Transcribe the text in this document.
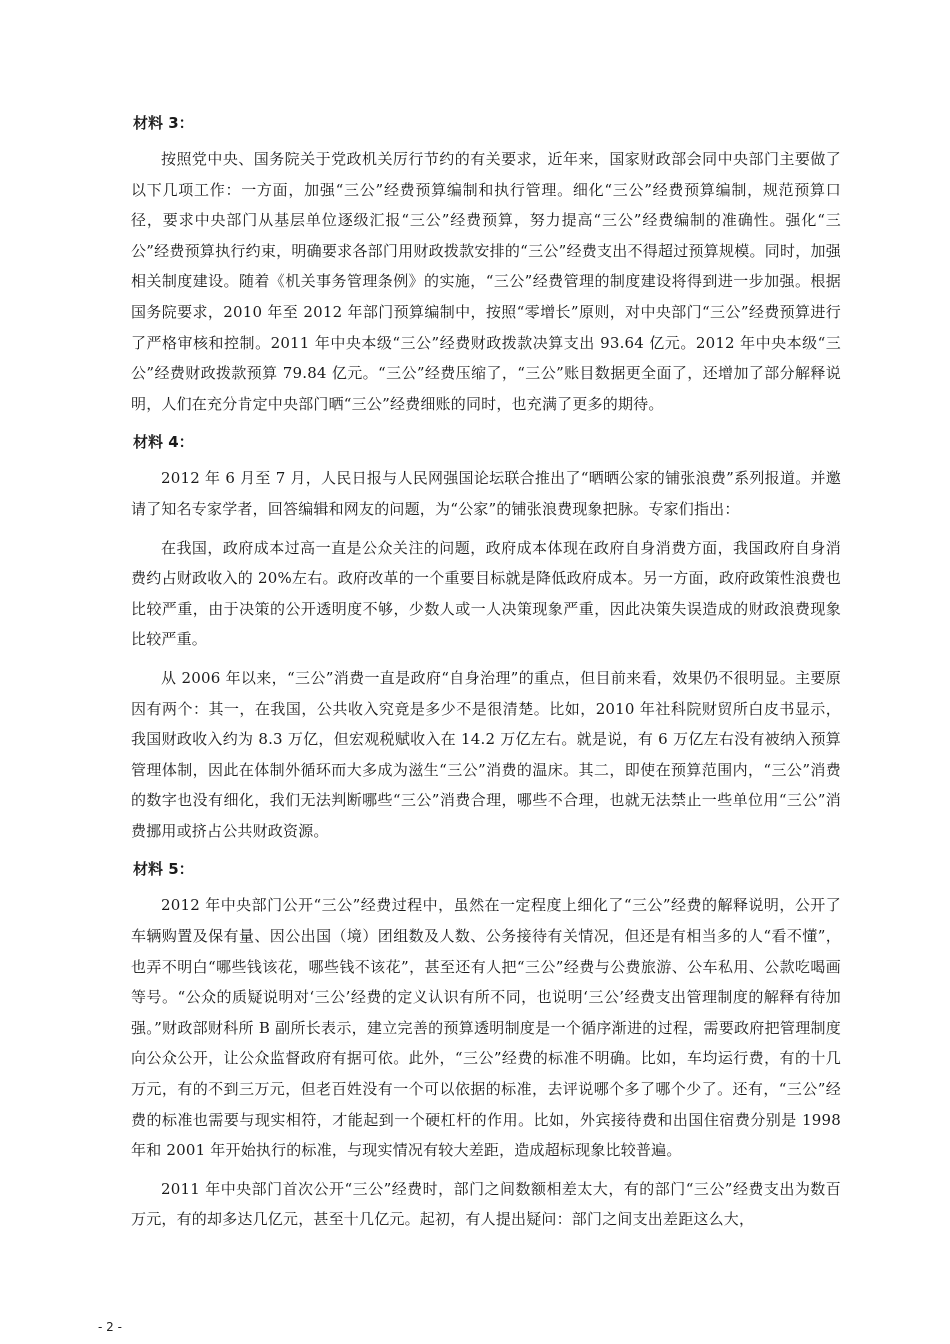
材料 3：

按照党中央、国务院关于党政机关厉行节约的有关要求，近年来，国家财政部会同中央部门主要做了以下几项工作：一方面，加强“三公”经费预算编制和执行管理。细化“三公”经费预算编制，规范预算口径，要求中央部门从基层单位逐级汇报“三公”经费预算，努力提高“三公”经费编制的准确性。强化“三公”经费预算执行约束，明确要求各部门用财政拨款安排的“三公”经费支出不得超过预算规模。同时，加强相关制度建设。随着《机关事务管理条例》的实施，“三公”经费管理的制度建设将得到进一步加强。根据国务院要求，2010 年至 2012 年部门预算编制中，按照“零增长”原则，对中央部门“三公”经费预算进行了严格审核和控制。2011 年中央本级“三公”经费财政拨款决算支出 93.64 亿元。2012 年中央本级“三公”经费财政拨款预算 79.84 亿元。“三公”经费压缩了，“三公”账目数据更全面了，还增加了部分解释说明，人们在充分肯定中央部门晒“三公”经费细账的同时，也充满了更多的期待。

材料 4：

2012 年 6 月至 7 月，人民日报与人民网强国论坛联合推出了“晒晒公家的铺张浪费”系列报道。并邀请了知名专家学者，回答编辑和网友的问题，为“公家”的铺张浪费现象把脉。专家们指出：

在我国，政府成本过高一直是公众关注的问题，政府成本体现在政府自身消费方面，我国政府自身消费约占财政收入的 20%左右。政府改革的一个重要目标就是降低政府成本。另一方面，政府政策性浪费也比较严重，由于决策的公开透明度不够，少数人或一人决策现象严重，因此决策失误造成的财政浪费现象比较严重。

从 2006 年以来，“三公”消费一直是政府“自身治理”的重点，但目前来看，效果仍不很明显。主要原因有两个：其一，在我国，公共收入究竟是多少不是很清楚。比如，2010 年社科院财贸所白皮书显示，我国财政收入约为 8.3 万亿，但宏观税赋收入在 14.2 万亿左右。就是说，有 6 万亿左右没有被纳入预算管理体制，因此在体制外循环而大多成为滋生“三公”消费的温床。其二，即使在预算范围内，“三公”消费的数字也没有细化，我们无法判断哪些“三公”消费合理，哪些不合理，也就无法禁止一些单位用“三公”消费挪用或挤占公共财政资源。

材料 5：

2012 年中央部门公开“三公”经费过程中，虽然在一定程度上细化了“三公”经费的解释说明，公开了车辆购置及保有量、因公出国（境）团组数及人数、公务接待有关情况，但还是有相当多的人“看不懂”，也弄不明白“哪些钱该花，哪些钱不该花”，甚至还有人把“三公”经费与公费旅游、公车私用、公款吃喝画等号。“公众的质疑说明对‘三公’经费的定义认识有所不同，也说明‘三公’经费支出管理制度的解释有待加强。”财政部财科所 B 副所长表示，建立完善的预算透明制度是一个循序渐进的过程，需要政府把管理制度向公众公开，让公众监督政府有据可依。此外，“三公”经费的标准不明确。比如，车均运行费，有的十几万元，有的不到三万元，但老百姓没有一个可以依据的标准，去评说哪个多了哪个少了。还有，“三公”经费的标准也需要与现实相符，才能起到一个硬杠杆的作用。比如，外宾接待费和出国住宿费分别是 1998 年和 2001 年开始执行的标准，与现实情况有较大差距，造成超标现象比较普遍。

2011 年中央部门首次公开“三公”经费时，部门之间数额相差太大，有的部门“三公”经费支出为数百万元，有的却多达几亿元，甚至十几亿元。起初，有人提出疑问：部门之间支出差距这么大，

- 2 -
